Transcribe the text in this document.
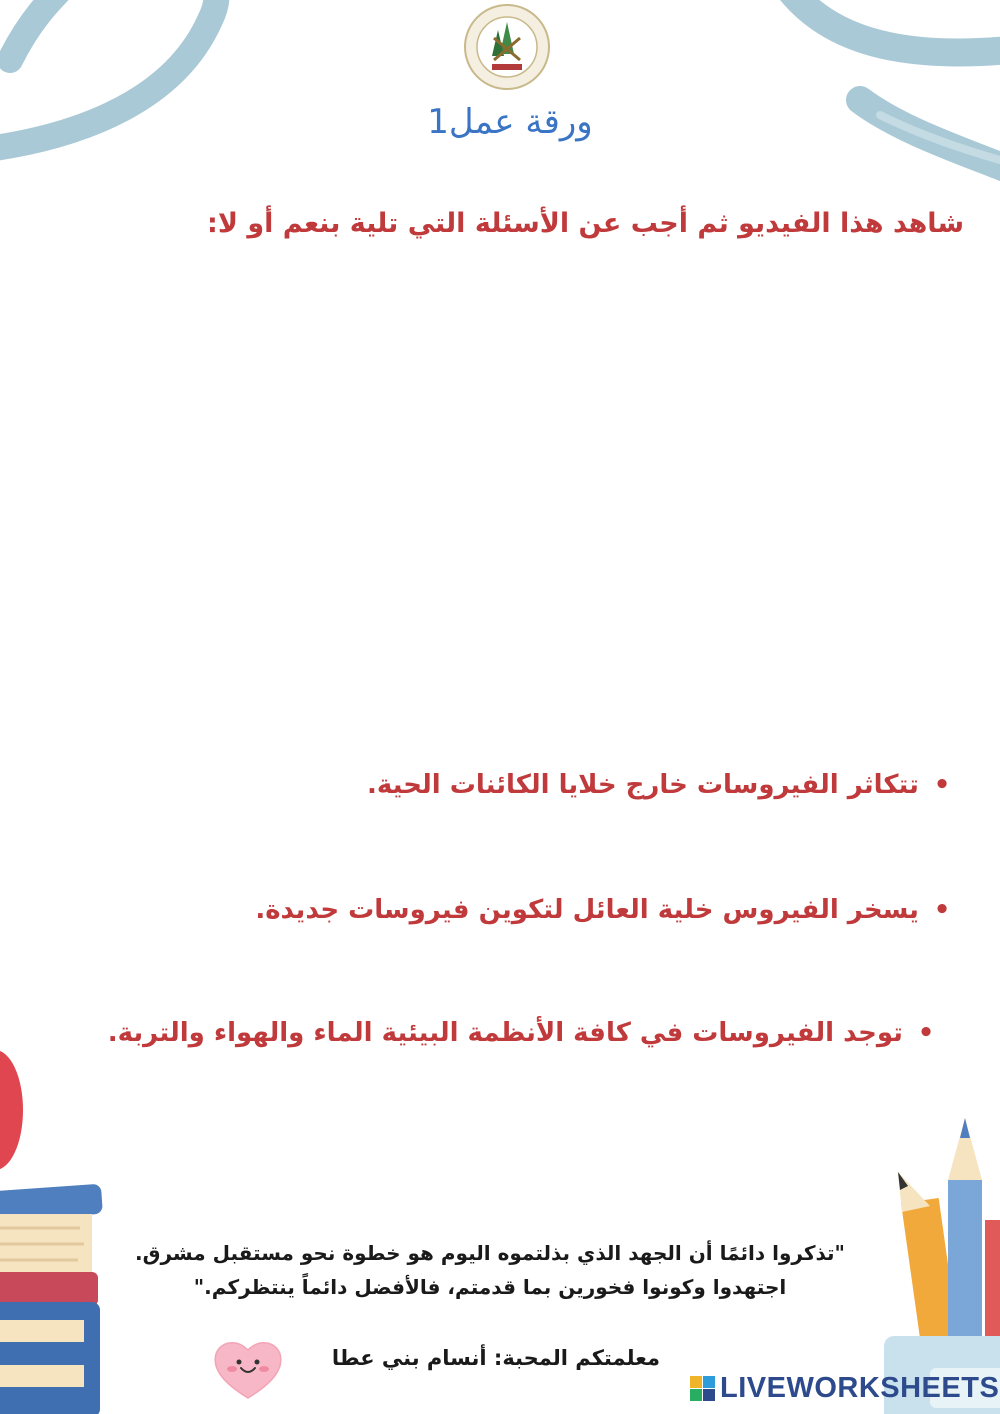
ورقة عمل1
شاهد هذا الفيديو ثم أجب عن الأسئلة التي تلية بنعم أو لا:
• تتكاثر الفيروسات خارج خلايا الكائنات الحية.
• يسخر الفيروس خلية العائل لتكوين فيروسات جديدة.
• توجد الفيروسات في كافة الأنظمة البيئية الماء والهواء والتربة.
"تذكروا دائمًا أن الجهد الذي بذلتموه اليوم هو خطوة نحو مستقبل مشرق.
اجتهدوا وكونوا فخورين بما قدمتم، فالأفضل دائماً ينتظركم."
معلمتكم المحبة: أنسام بني عطا
LIVEWORKSHEETS
